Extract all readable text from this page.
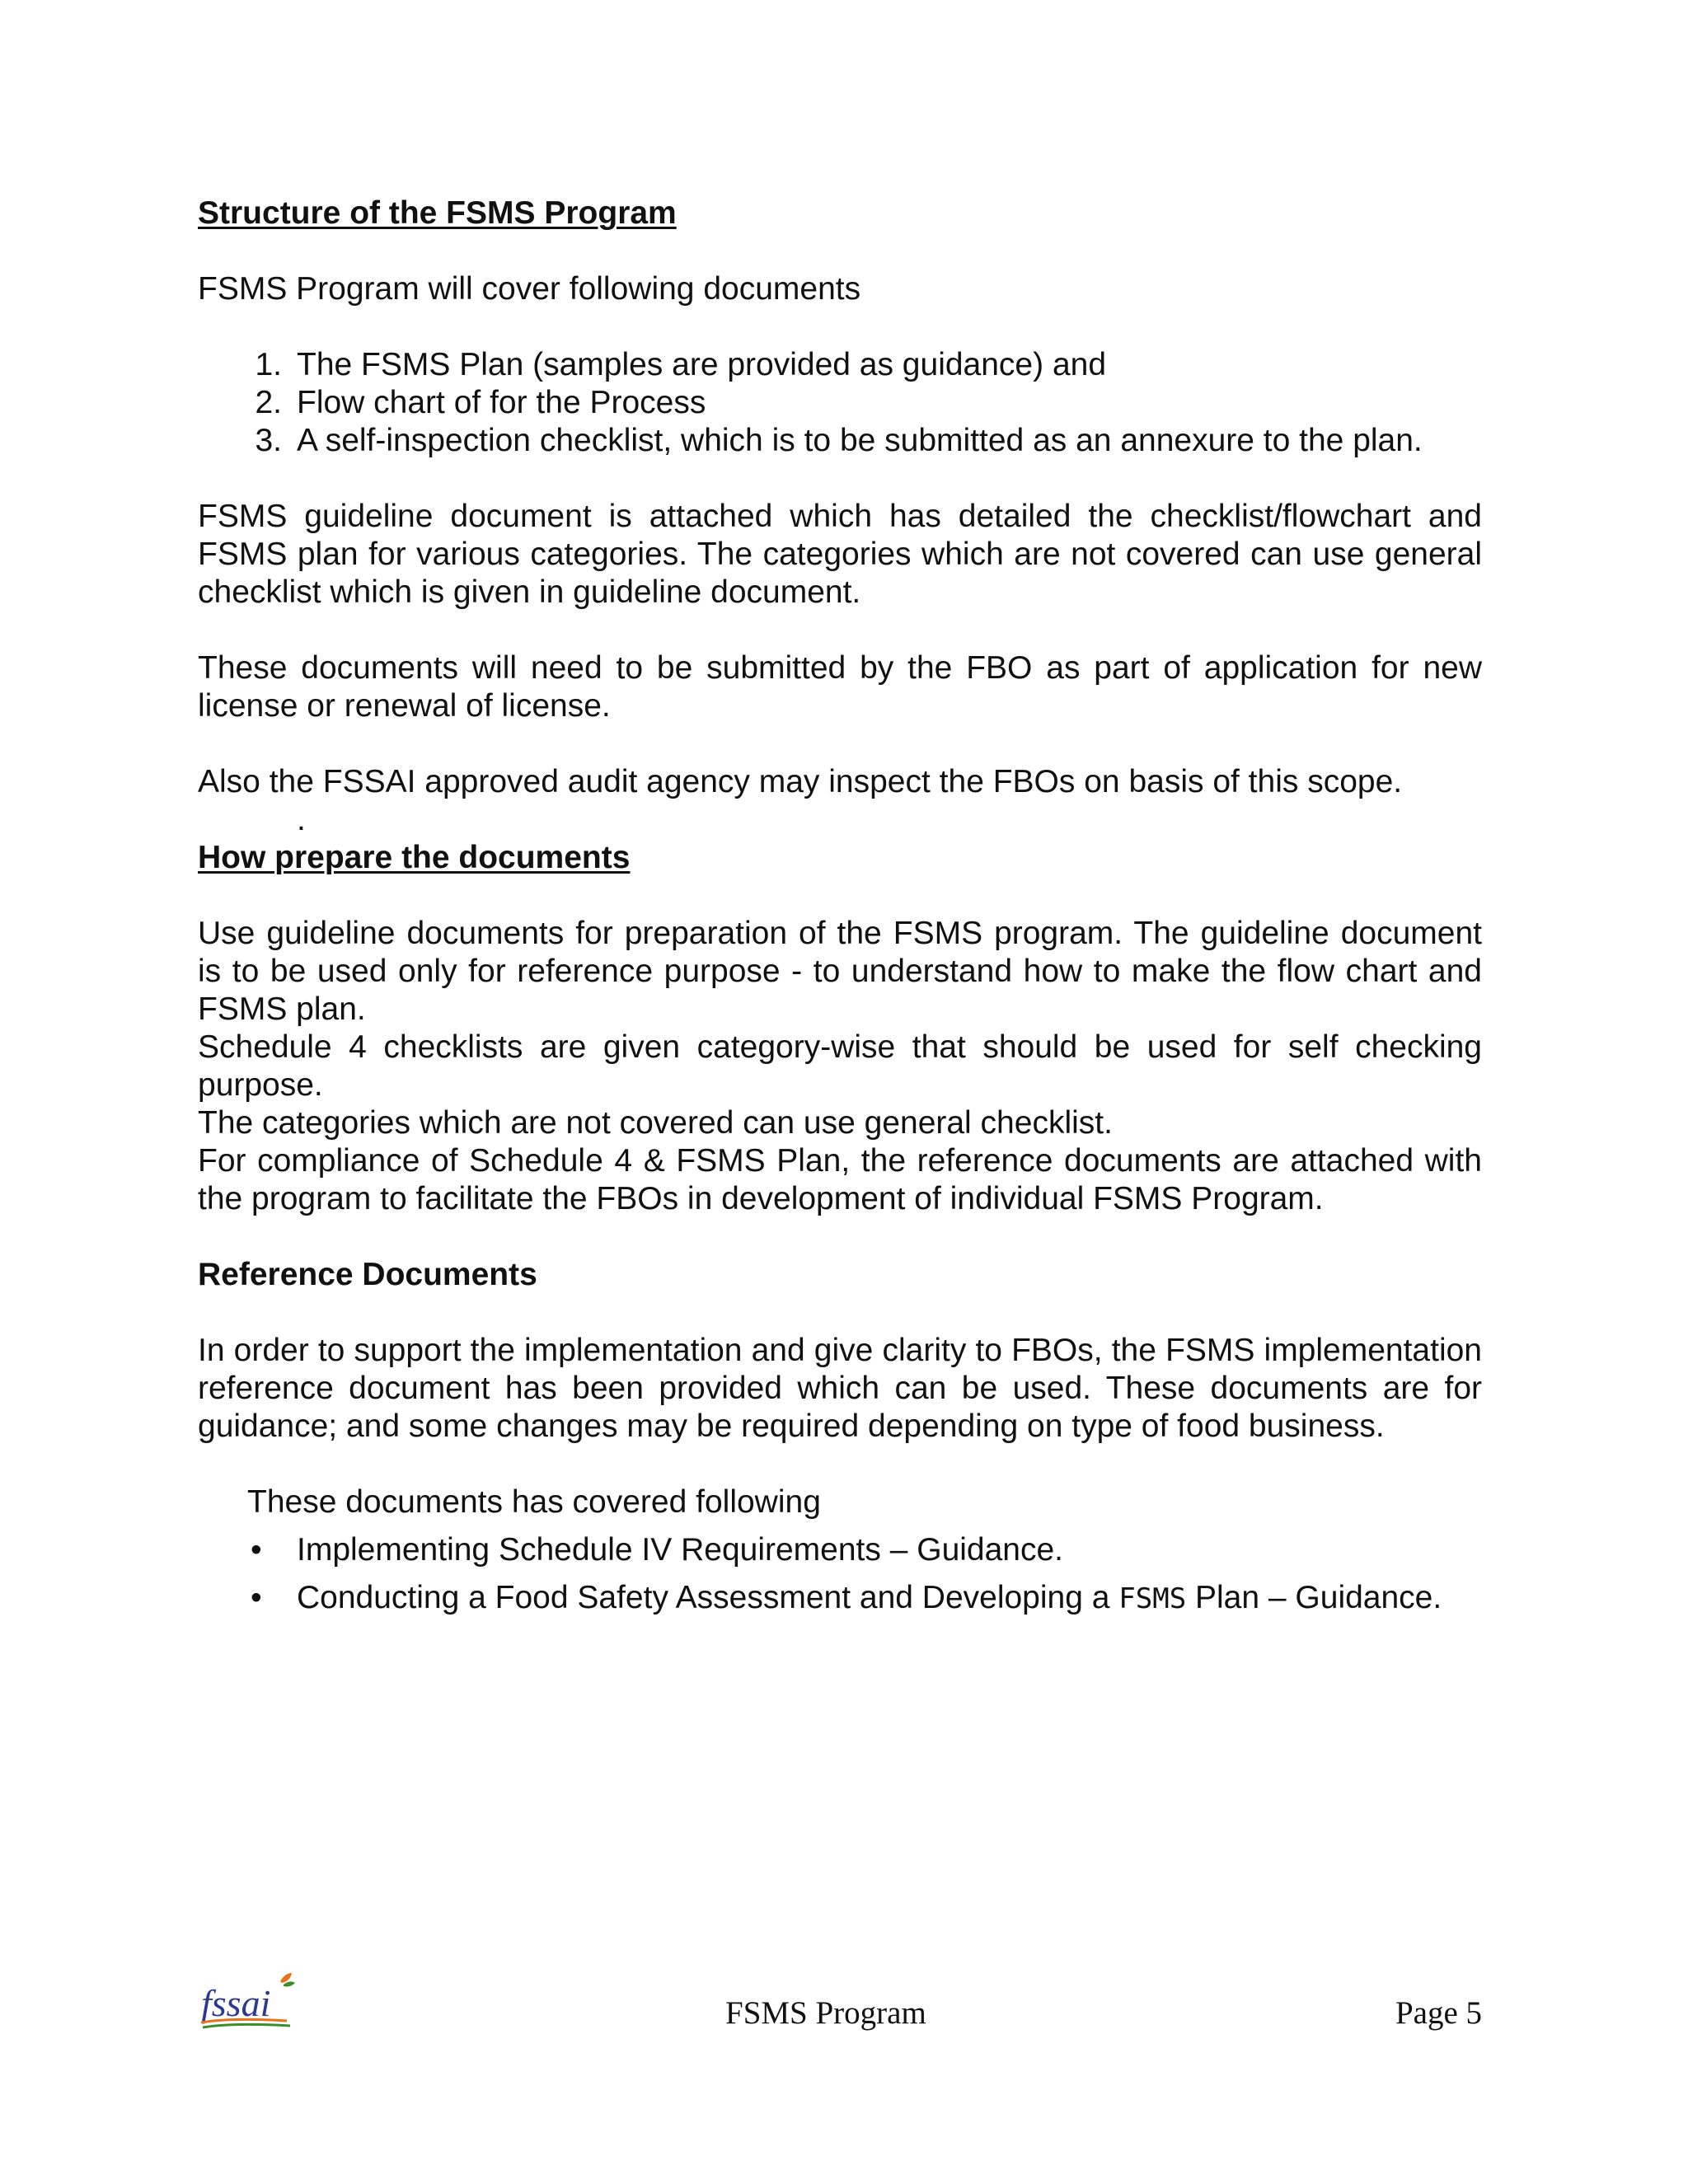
Structure of the FSMS Program

FSMS Program will cover following documents

1. The FSMS Plan (samples are provided as guidance) and
2. Flow chart of for the Process
3. A self-inspection checklist, which is to be submitted as an annexure to the plan.

FSMS guideline document is attached which has detailed the checklist/flowchart and FSMS plan for various categories. The categories which are not covered can use general checklist which is given in guideline document.

These documents will need to be submitted by the FBO as part of application for new license or renewal of license.

Also the FSSAI approved audit agency may inspect the FBOs on basis of this scope.

.

How prepare the documents

Use guideline documents for preparation of the FSMS program. The guideline document is to be used only for reference purpose - to understand how to make the flow chart and FSMS plan.

Schedule 4 checklists are given category-wise that should be used for self checking purpose.

The categories which are not covered can use general checklist.

For compliance of Schedule 4 & FSMS Plan, the reference documents are attached with the program to facilitate the FBOs in development of individual FSMS Program.

Reference Documents

In order to support the implementation and give clarity to FBOs, the FSMS implementation reference document has been provided which can be used. These documents are for guidance; and some changes may be required depending on type of food business.

These documents has covered following

• Implementing Schedule IV Requirements – Guidance.
• Conducting a Food Safety Assessment and Developing a FSMS Plan – Guidance.
fssai	FSMS Program	Page 5
